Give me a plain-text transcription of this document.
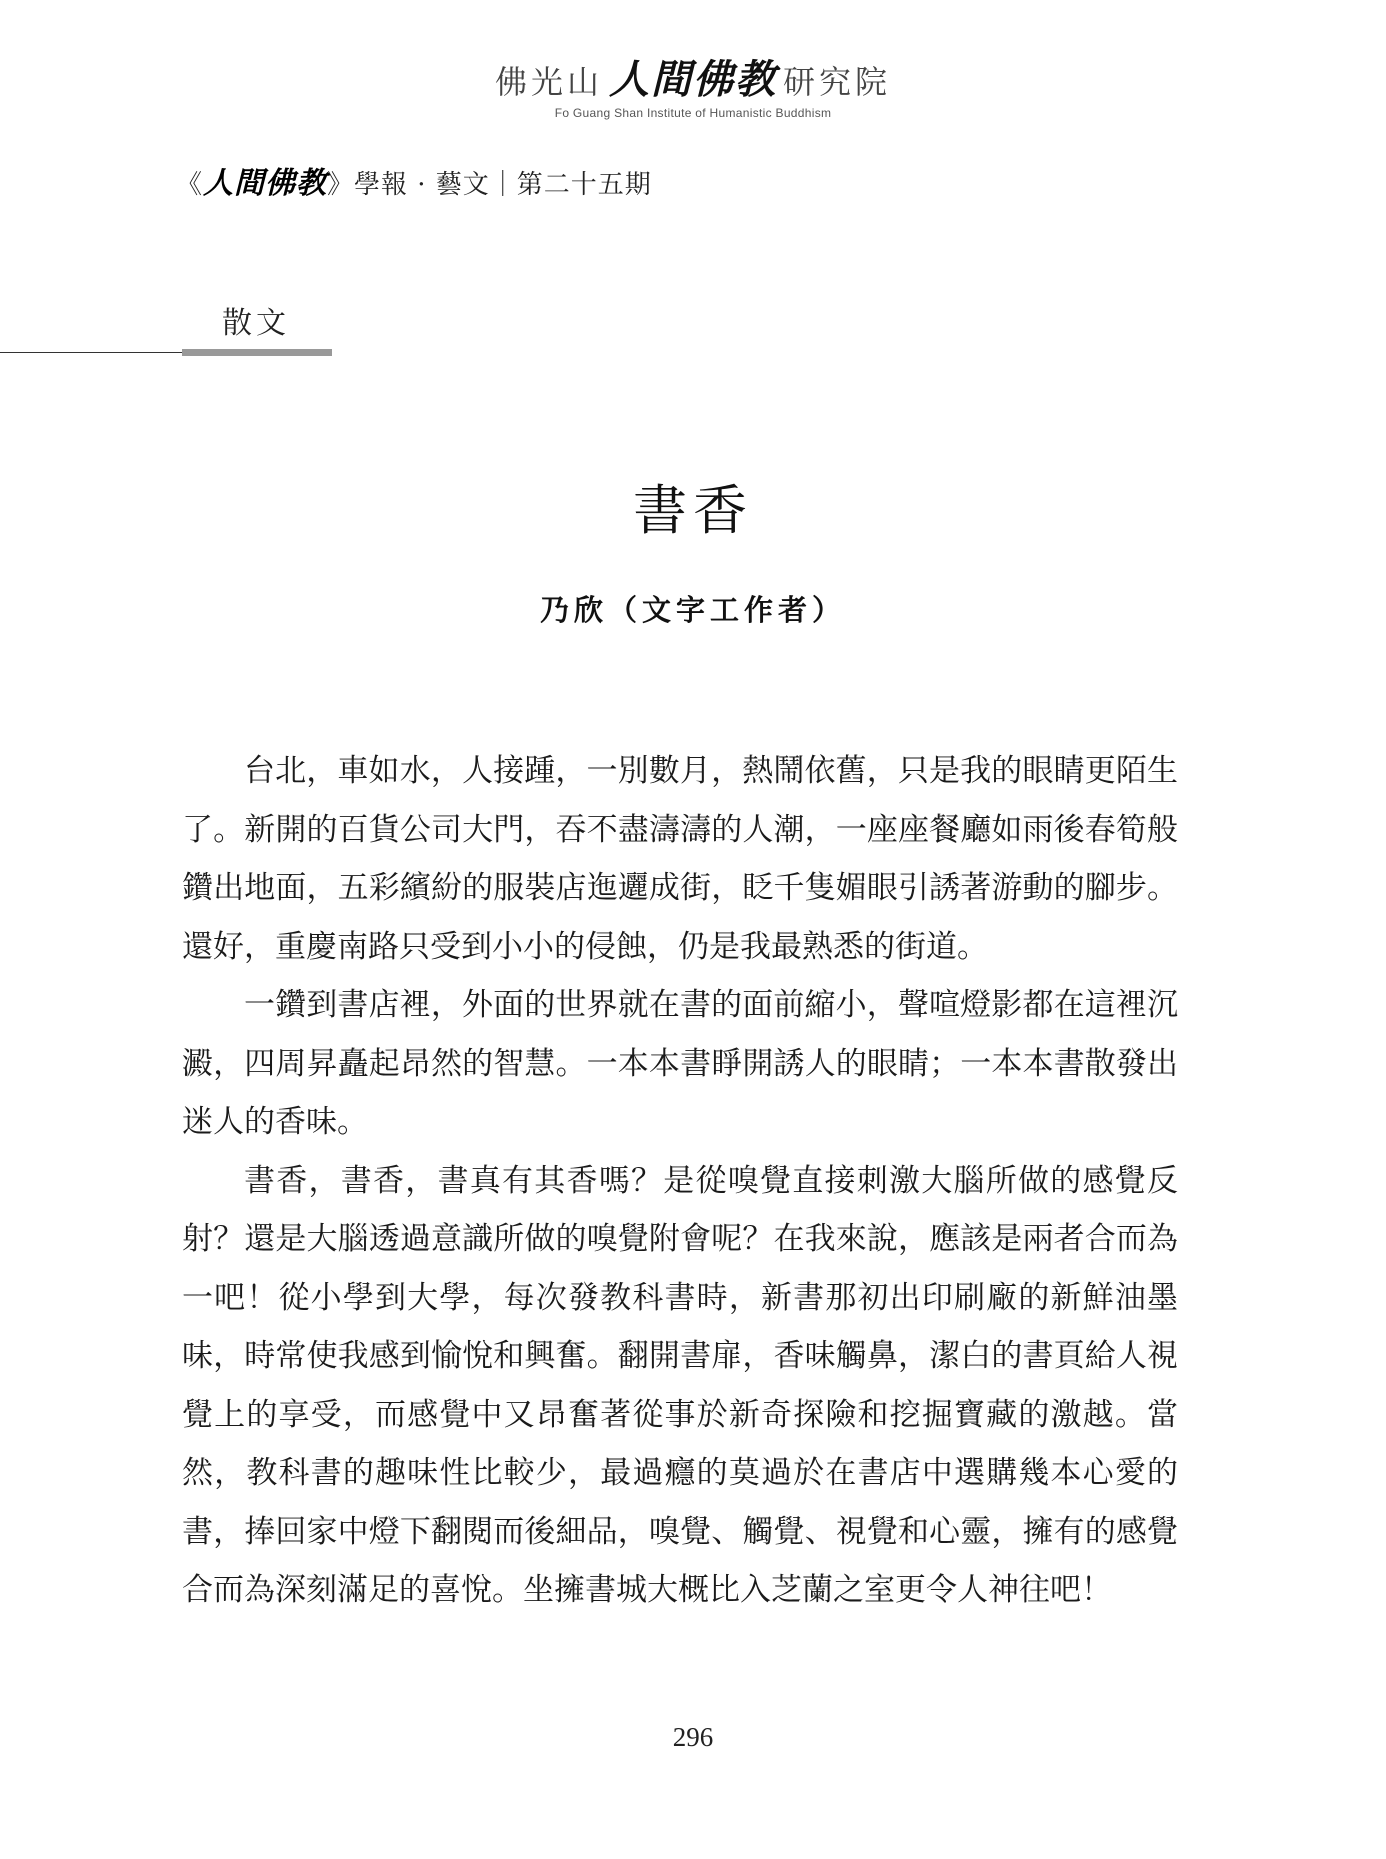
佛光山 人間佛教 研究院
Fo Guang Shan Institute of Humanistic Buddhism
《人間佛教》學報 · 藝文｜第二十五期
散文
書香
乃欣（文字工作者）

台北，車如水，人接踵，一別數月，熱鬧依舊，只是我的眼睛更陌生了。新開的百貨公司大門，吞不盡濤濤的人潮，一座座餐廳如雨後春筍般鑽出地面，五彩繽紛的服裝店迤邐成街，眨千隻媚眼引誘著游動的腳步。還好，重慶南路只受到小小的侵蝕，仍是我最熟悉的街道。

一鑽到書店裡，外面的世界就在書的面前縮小，聲喧燈影都在這裡沉澱，四周昇矗起昂然的智慧。一本本書睜開誘人的眼睛；一本本書散發出迷人的香味。

書香，書香，書真有其香嗎？是從嗅覺直接刺激大腦所做的感覺反射？還是大腦透過意識所做的嗅覺附會呢？在我來說，應該是兩者合而為一吧！從小學到大學，每次發教科書時，新書那初出印刷廠的新鮮油墨味，時常使我感到愉悅和興奮。翻開書扉，香味觸鼻，潔白的書頁給人視覺上的享受，而感覺中又昂奮著從事於新奇探險和挖掘寶藏的激越。當然，教科書的趣味性比較少，最過癮的莫過於在書店中選購幾本心愛的書，捧回家中燈下翻閱而後細品，嗅覺、觸覺、視覺和心靈，擁有的感覺合而為深刻滿足的喜悅。坐擁書城大概比入芝蘭之室更令人神往吧！

296
